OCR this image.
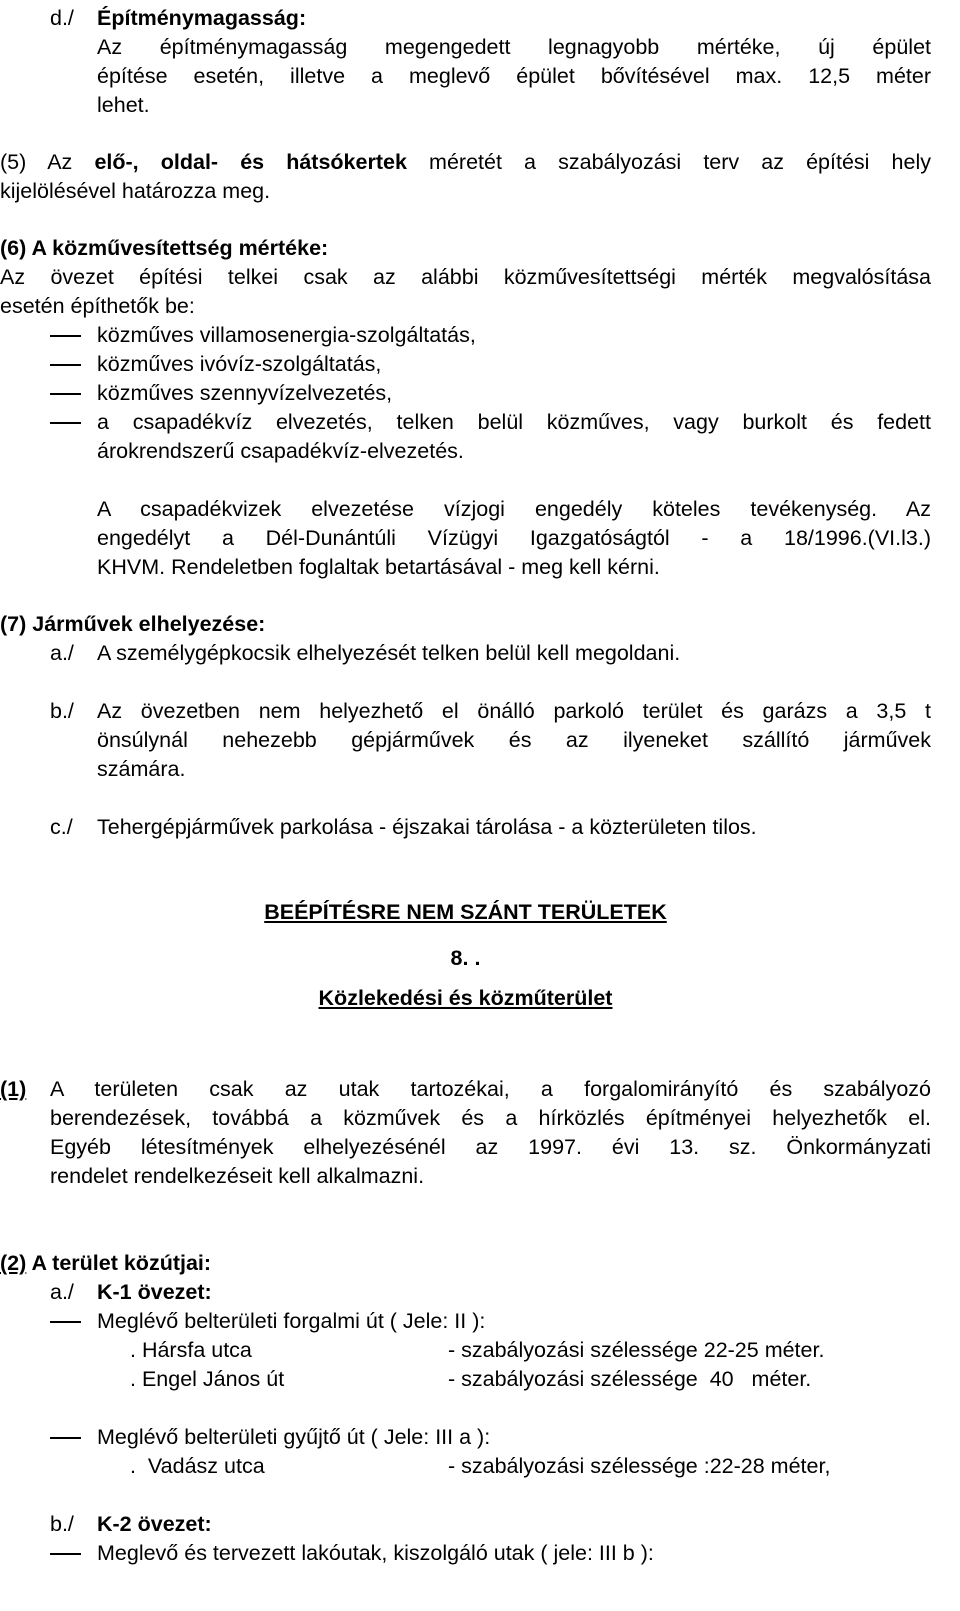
d./ Építménymagasság:
Az építménymagasság megengedett legnagyobb mértéke, új épület
építése esetén, illetve a meglevő épület bővítésével max. 12,5 méter
lehet.
(5) Az elő-, oldal- és hátsókertek méretét a szabályozási terv az építési hely
kijelölésével határozza meg.
(6) A közművesítettség mértéke:
Az övezet építési telkei csak az alábbi közművesítettségi mérték megvalósítása
esetén építhetők be:
közműves villamosenergia-szolgáltatás,
közműves ivóvíz-szolgáltatás,
közműves szennyvízelvezetés,
a csapadékvíz elvezetés, telken belül közműves, vagy burkolt és fedett
árokrendszerű csapadékvíz-elvezetés.
A csapadékvizek elvezetése vízjogi engedély köteles tevékenység. Az
engedélyt a Dél-Dunántúli Vízügyi Igazgatóságtól - a 18/1996.(VI.l3.)
KHVM. Rendeletben foglaltak betartásával - meg kell kérni.
(7) Járművek elhelyezése:
a./ A személygépkocsik elhelyezését telken belül kell megoldani.
b./ Az övezetben nem helyezhető el önálló parkoló terület és garázs a 3,5 t
önsúlynál nehezebb gépjárművek és az ilyeneket szállító járművek
számára.
c./ Tehergépjárművek parkolása - éjszakai tárolása - a közterületen tilos.
BEÉPÍTÉSRE NEM SZÁNT TERÜLETEK
8. .
Közlekedési és közműterület
(1) A területen csak az utak tartozékai, a forgalomirányító és szabályozó
berendezések, továbbá a közművek és a hírközlés építményei helyezhetők el.
Egyéb létesítmények elhelyezésénél az 1997. évi 13. sz. Önkormányzati
rendelet rendelkezéseit kell alkalmazni.
(2) A terület közútjai:
a./ K-1 övezet:
Meglévő belterületi forgalmi út ( Jele: II ):
. Hársfa utca	- szabályozási szélessége 22-25 méter.
. Engel János út	- szabályozási szélessége  40   méter.
Meglévő belterületi gyűjtő út ( Jele: III a ):
.  Vadász utca	- szabályozási szélessége :22-28 méter,
b./ K-2 övezet:
Meglevő és tervezett lakóutak, kiszolgáló utak ( jele: III b ):
